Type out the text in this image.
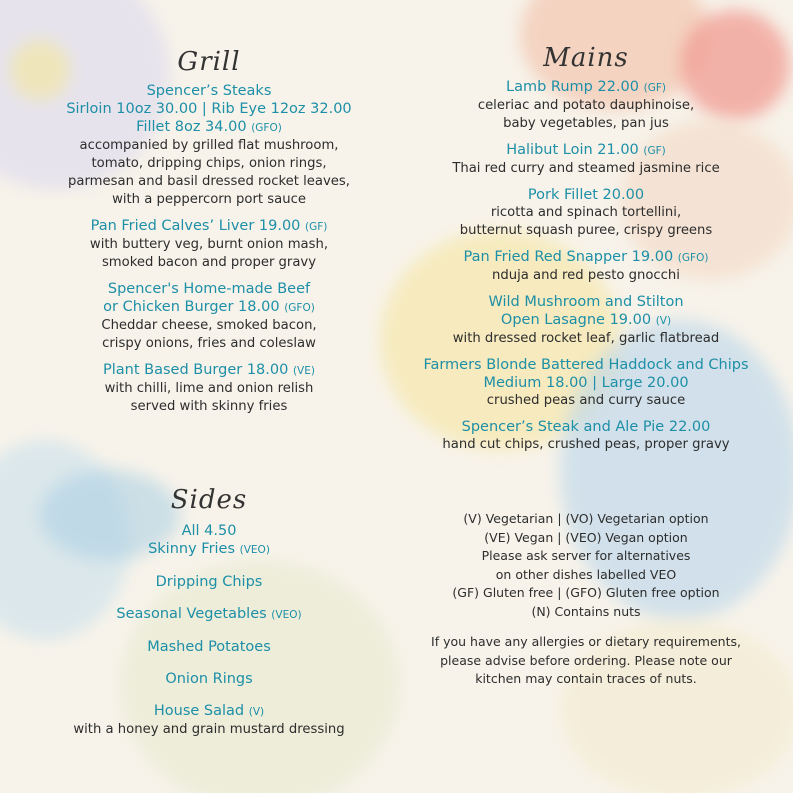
Grill
Spencer’s Steaks
Sirloin 10oz 30.00 | Rib Eye 12oz 32.00
Fillet 8oz 34.00 (GFO)
accompanied by grilled flat mushroom,
tomato, dripping chips, onion rings,
parmesan and basil dressed rocket leaves,
with a peppercorn port sauce
Pan Fried Calves’ Liver 19.00 (GF)
with buttery veg, burnt onion mash,
smoked bacon and proper gravy
Spencer's Home-made Beef
or Chicken Burger 18.00 (GFO)
Cheddar cheese, smoked bacon,
crispy onions, fries and coleslaw
Plant Based Burger 18.00 (VE)
with chilli, lime and onion relish
served with skinny fries
Sides
All 4.50
Skinny Fries (VEO)
Dripping Chips
Seasonal Vegetables (VEO)
Mashed Potatoes
Onion Rings
House Salad (V)
with a honey and grain mustard dressing
Mains
Lamb Rump 22.00 (GF)
celeriac and potato dauphinoise,
baby vegetables, pan jus
Halibut Loin 21.00 (GF)
Thai red curry and steamed jasmine rice
Pork Fillet 20.00
ricotta and spinach tortellini,
butternut squash puree, crispy greens
Pan Fried Red Snapper 19.00 (GFO)
nduja and red pesto gnocchi
Wild Mushroom and Stilton
Open Lasagne 19.00 (V)
with dressed rocket leaf, garlic flatbread
Farmers Blonde Battered Haddock and Chips
Medium 18.00 | Large 20.00
crushed peas and curry sauce
Spencer’s Steak and Ale Pie 22.00
hand cut chips, crushed peas, proper gravy
(V) Vegetarian | (VO) Vegetarian option
(VE) Vegan | (VEO) Vegan option
Please ask server for alternatives
on other dishes labelled VEO
(GF) Gluten free | (GFO) Gluten free option
(N) Contains nuts
If you have any allergies or dietary requirements,
please advise before ordering. Please note our
kitchen may contain traces of nuts.
